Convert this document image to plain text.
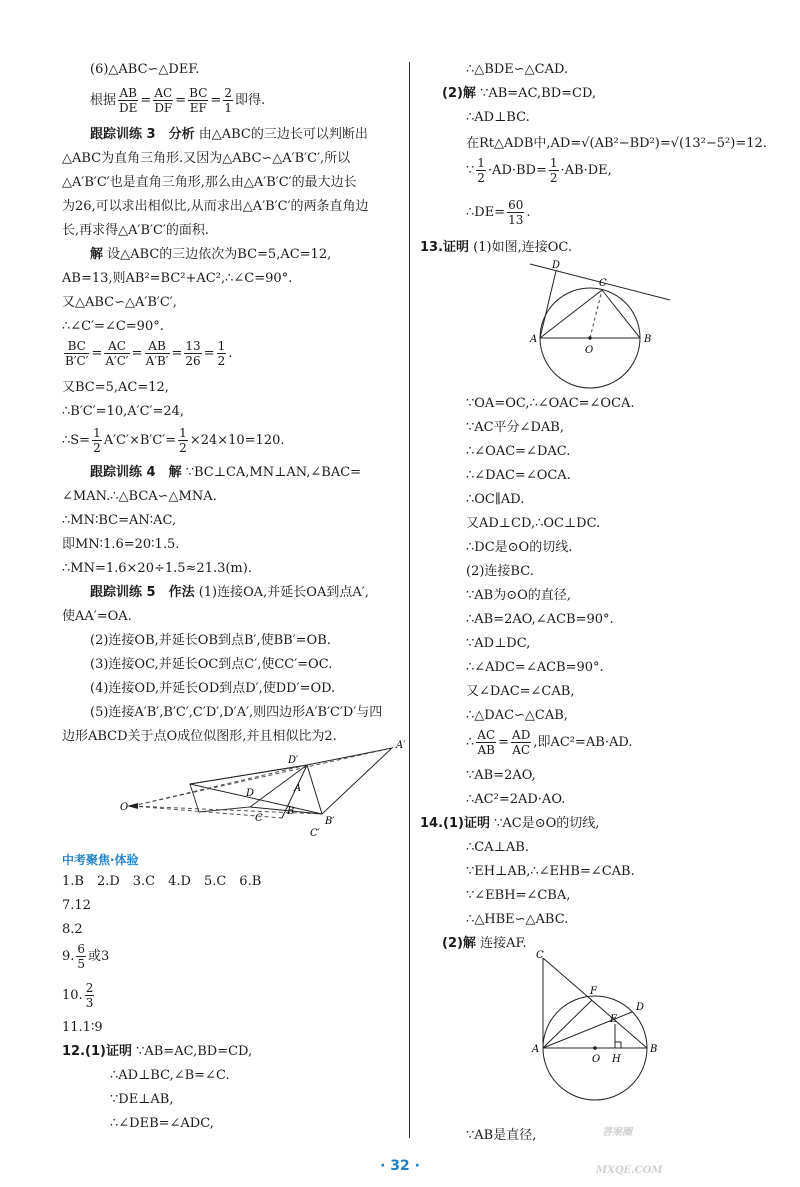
(6)△ABC∽△DEF.
根据 $\frac{AB}{DE} = \frac{AC}{DF} = \frac{BC}{EF} = \frac{2}{1}$ 即得.
跟踪训练 3　分析 由△ABC的三边长可以判断出
△ABC为直角三角形.又因为△ABC∽△A′B′C′,所以
△A′B′C′也是直角三角形,那么由△A′B′C′的最大边长
为26,可以求出相似比,从而求出△A′B′C′的两条直角边
长,再求得△A′B′C′的面积.
解 设△ABC的三边依次为BC=5,AC=12,
AB=13,则AB²=BC²+AC²,∴∠C=90°.
又△ABC∽△A′B′C′,
∴∠C′=∠C=90°.
$\frac{BC}{B'C'} = \frac{AC}{A'C'} = \frac{AB}{A'B'} = \frac{13}{26} = \frac{1}{2}$ .
又BC=5,AC=12,
∴B′C′=10,A′C′=24,
∴S= $\frac{1}{2} A'C'\times B'C'= \frac{1}{2} \times 24\times 10=120$.
跟踪训练 4　解 ∵BC⊥CA,MN⊥AN,∠BAC=
∠MAN.∴△BCA∽△MNA.
∴MN∶BC=AN∶AC,
即MN∶1.6=20∶1.5.
∴MN=1.6×20÷1.5≈21.3(m).
跟踪训练 5　作法 (1)连接OA,并延长OA到点A′,
使AA′=OA.
(2)连接OB,并延长OB到点B′,使BB′=OB.
(3)连接OC,并延长OC到点C′,使CC′=OC.
(4)连接OD,并延长OD到点D′,使DD′=OD.
(5)连接A′B′,B′C′,C′D′,D′A′,则四边形A′B′C′D′与四
边形ABCD关于点O成位似图形,并且相似比为2.
O
D
D′
A′
A
B
B′
C
C′
中考聚焦·体验
1.B　2.D　3.C　4.D　5.C　6.B
7.12
8.2
9. $\frac{6}{5}$ 或3
10. $\frac{2}{3}$
11.1∶9
12.(1)证明 ∵AB=AC,BD=CD,
∴AD⊥BC,∠B=∠C.
∵DE⊥AB,
∴∠DEB=∠ADC,
∴△BDE∽△CAD.
(2)解 ∵AB=AC,BD=CD,
∴AD⊥BC.
在Rt△ADB中,AD=√(AB²−BD²)=√(13²−5²)=12.
∵ $\frac{1}{2} \cdot AD\cdot BD= \frac{1}{2} \cdot AB\cdot DE$,
∴DE= $\frac{60}{13}$ .
13.证明 (1)如图,连接OC.
D
C
A	B
O
∵OA=OC,∴∠OAC=∠OCA.
∵AC平分∠DAB,
∴∠OAC=∠DAC.
∴∠DAC=∠OCA.
∴OC∥AD.
又AD⊥CD,∴OC⊥DC.
∴DC是⊙O的切线.
(2)连接BC.
∵AB为⊙O的直径,
∴AB=2AO,∠ACB=90°.
∵AD⊥DC,
∴∠ADC=∠ACB=90°.
又∠DAC=∠CAB,
∴△DAC∽△CAB,
∴ $\frac{AC}{AB} = \frac{AD}{AC}$ ,即AC²=AB·AD.
∵AB=2AO,
∴AC²=2AD·AO.
14.(1)证明 ∵AC是⊙O的切线,
∴CA⊥AB.
∵EH⊥AB,∴∠EHB=∠CAB.
∵∠EBH=∠CBA,
∴△HBE∽△ABC.
(2)解 连接AF.
C
F
D
E
A	B
O H
∵AB是直径,
· 32 ·
答案圈
MXQE.COM
